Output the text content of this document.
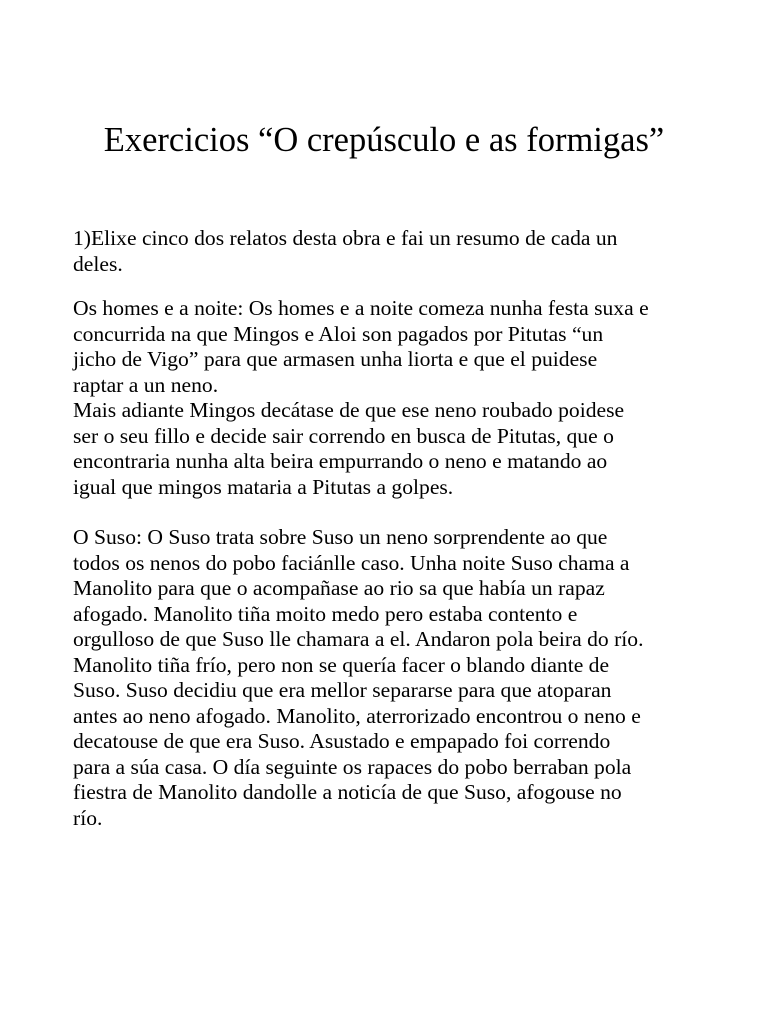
Exercicios “O crepúsculo e as formigas”
1)Elixe cinco dos relatos desta obra e fai un resumo de cada un
deles.
Os homes e a noite: Os homes e a noite comeza nunha festa suxa e
concurrida na que Mingos e Aloi son pagados por Pitutas “un
jicho de Vigo” para que armasen unha liorta e que el puidese
raptar a un neno.
Mais adiante Mingos decátase de que ese neno roubado poidese
ser o seu fillo e decide sair correndo en busca de Pitutas, que o
encontraria nunha alta beira empurrando o neno e matando ao
igual que mingos mataria a Pitutas a golpes.
O Suso: O Suso trata sobre Suso un neno sorprendente ao que
todos os nenos do pobo faciánlle caso. Unha noite Suso chama a
Manolito para que o acompañase ao rio sa que había un rapaz
afogado. Manolito tiña moito medo pero estaba contento e
orgulloso de que Suso lle chamara a el. Andaron pola beira do río.
Manolito tiña frío, pero non se quería facer o blando diante de
Suso. Suso decidiu que era mellor separarse para que atoparan
antes ao neno afogado. Manolito, aterrorizado encontrou o neno e
decatouse de que era Suso. Asustado e empapado foi correndo
para a súa casa. O día seguinte os rapaces do pobo berraban pola
fiestra de Manolito dandolle a noticía de que Suso, afogouse no
río.
